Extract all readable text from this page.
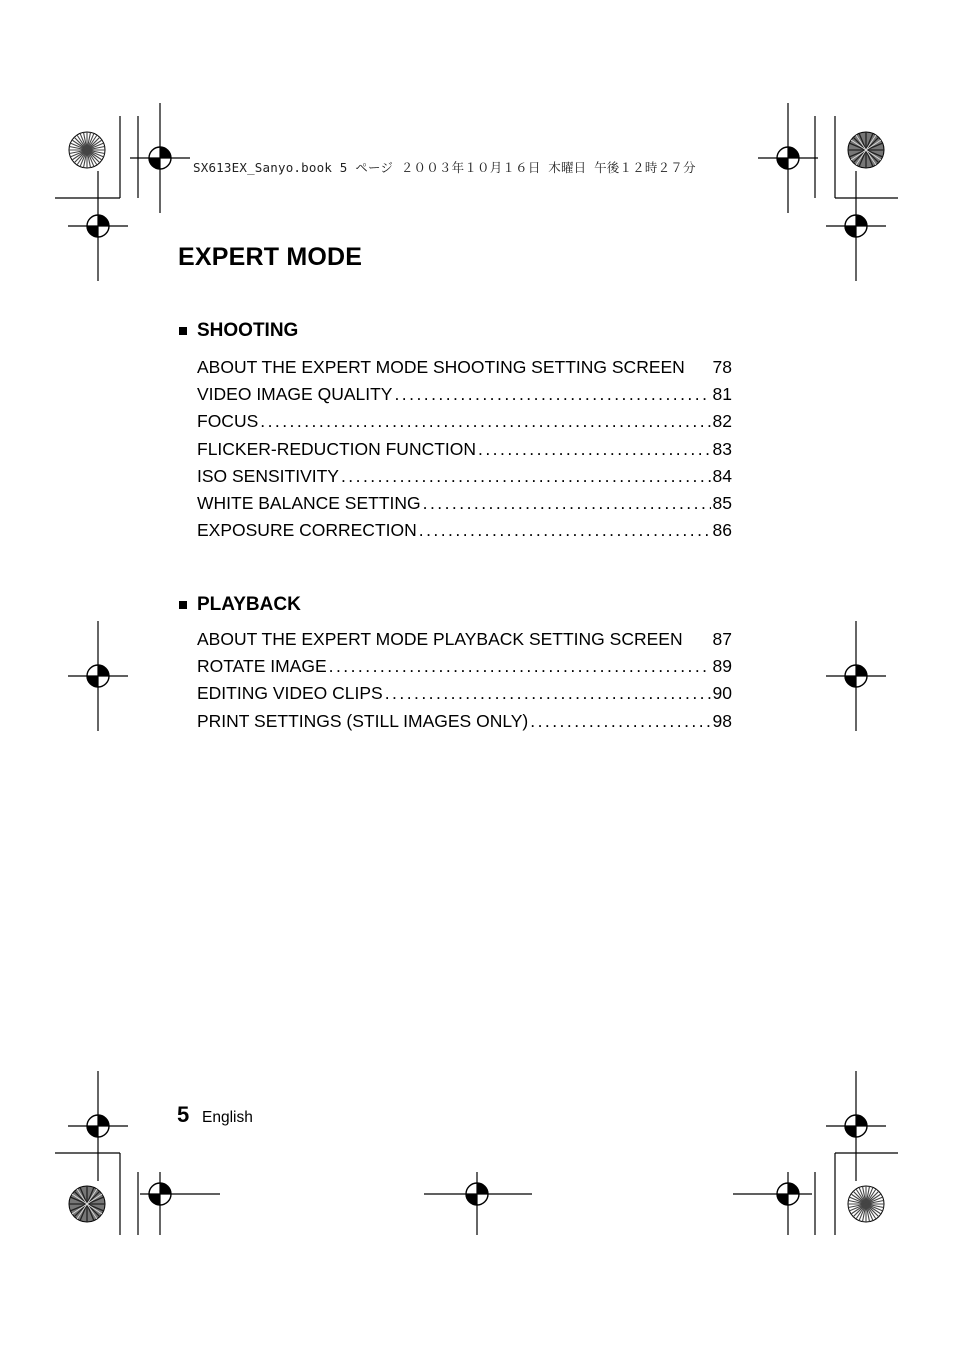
SX613EX_Sanyo.book 5 ページ ２００３年１０月１６日 木曜日 午後１２時２７分
EXPERT MODE
SHOOTING
ABOUT THE EXPERT MODE SHOOTING SETTING SCREEN 78
VIDEO IMAGE QUALITY . . .	81
FOCUS . . .	82
FLICKER-REDUCTION FUNCTION . . .	83
ISO SENSITIVITY . . .	84
WHITE BALANCE SETTING . . .	85
EXPOSURE CORRECTION . . .	86
PLAYBACK
ABOUT THE EXPERT MODE PLAYBACK SETTING SCREEN 87
ROTATE IMAGE . . .	89
EDITING VIDEO CLIPS . . .	90
PRINT SETTINGS (STILL IMAGES ONLY) . . .	98
5 English
